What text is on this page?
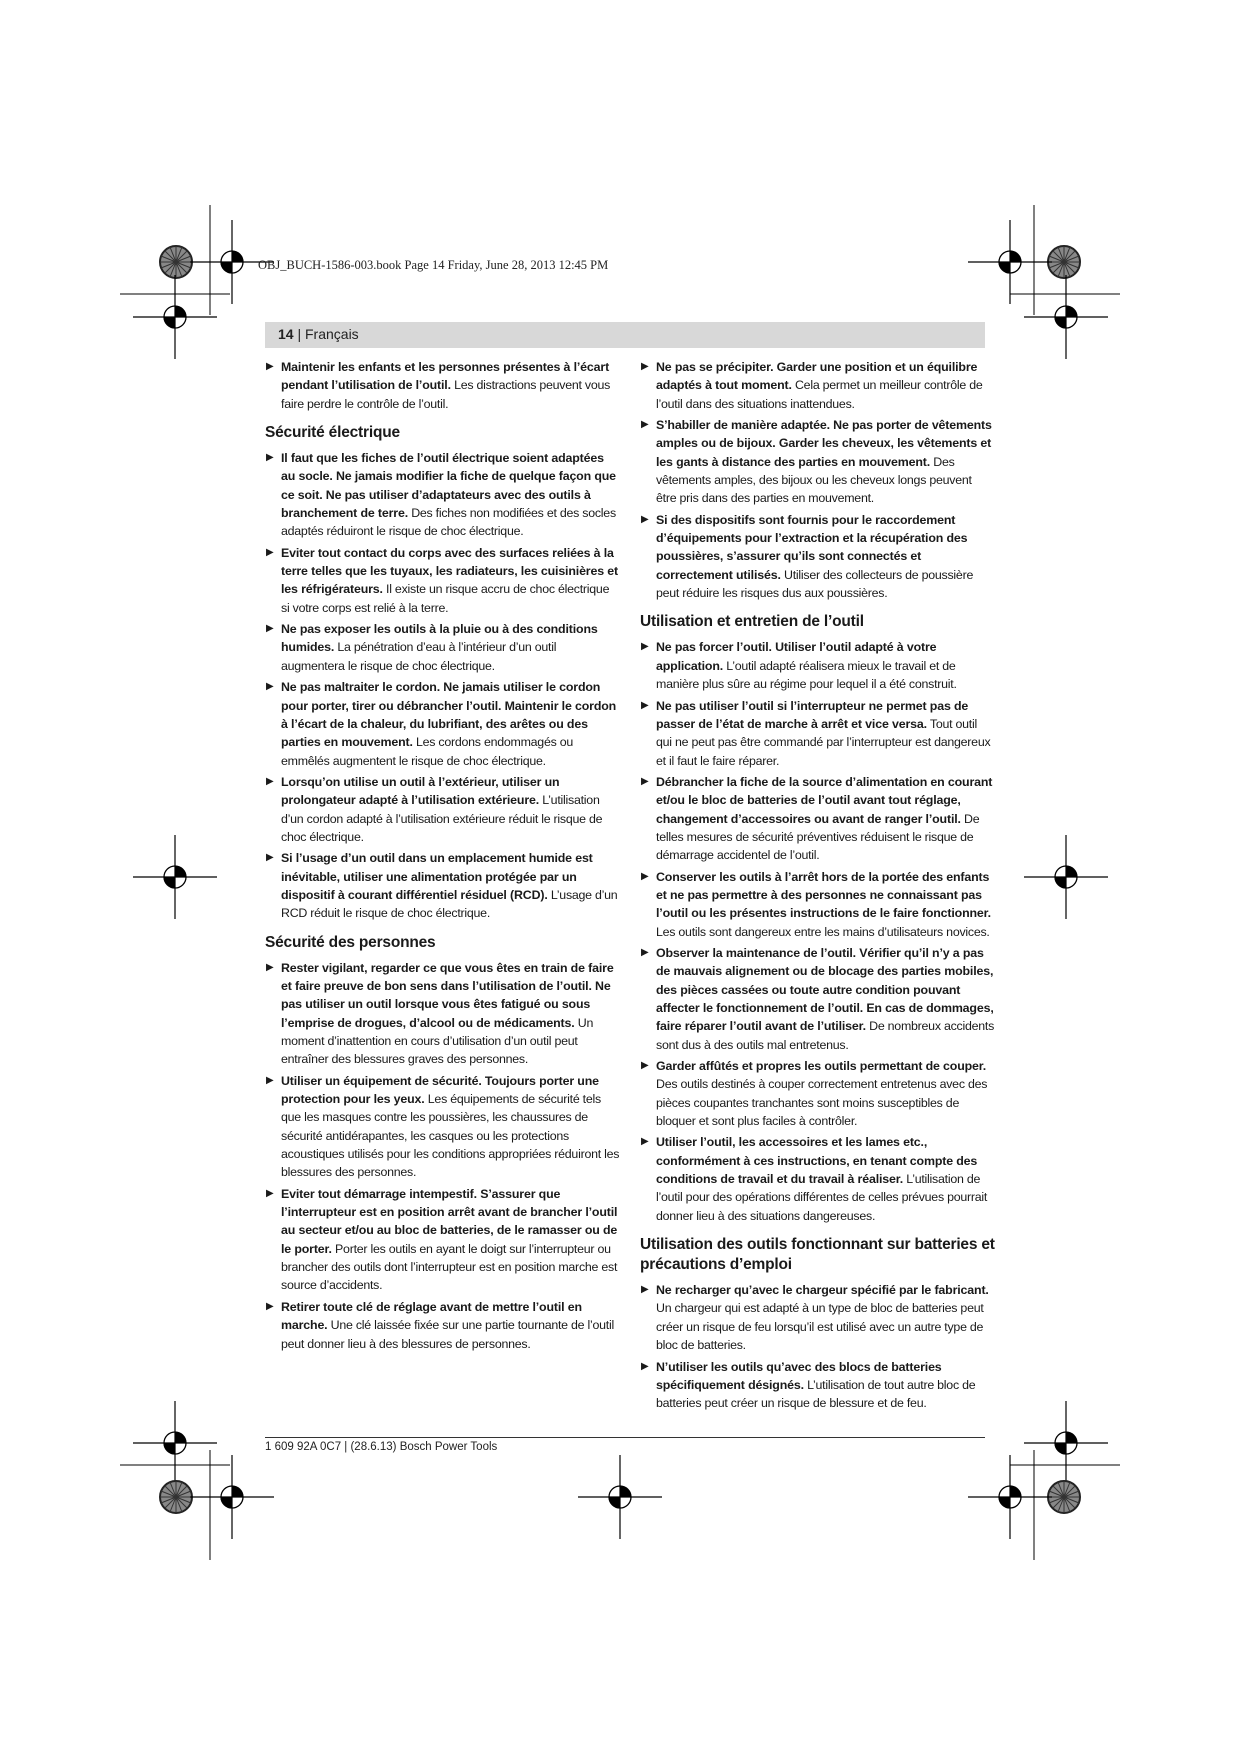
OBJ_BUCH-1586-003.book Page 14 Friday, June 28, 2013 12:45 PM
14 | Français
▶ Maintenir les enfants et les personnes présentes à l’écart pendant l’utilisation de l’outil. Les distractions peuvent vous faire perdre le contrôle de l’outil.
Sécurité électrique
▶ Il faut que les fiches de l’outil électrique soient adaptées au socle. Ne jamais modifier la fiche de quelque façon que ce soit. Ne pas utiliser d’adaptateurs avec des outils à branchement de terre. Des fiches non modifiées et des socles adaptés réduiront le risque de choc électrique.
▶ Eviter tout contact du corps avec des surfaces reliées à la terre telles que les tuyaux, les radiateurs, les cuisinières et les réfrigérateurs. Il existe un risque accru de choc électrique si votre corps est relié à la terre.
▶ Ne pas exposer les outils à la pluie ou à des conditions humides. La pénétration d’eau à l’intérieur d’un outil augmentera le risque de choc électrique.
▶ Ne pas maltraiter le cordon. Ne jamais utiliser le cordon pour porter, tirer ou débrancher l’outil. Maintenir le cordon à l’écart de la chaleur, du lubrifiant, des arêtes ou des parties en mouvement. Les cordons endommagés ou emmêlés augmentent le risque de choc électrique.
▶ Lorsqu’on utilise un outil à l’extérieur, utiliser un prolongateur adapté à l’utilisation extérieure. L’utilisation d’un cordon adapté à l’utilisation extérieure réduit le risque de choc électrique.
▶ Si l’usage d’un outil dans un emplacement humide est inévitable, utiliser une alimentation protégée par un dispositif à courant différentiel résiduel (RCD). L’usage d’un RCD réduit le risque de choc électrique.
Sécurité des personnes
▶ Rester vigilant, regarder ce que vous êtes en train de faire et faire preuve de bon sens dans l’utilisation de l’outil. Ne pas utiliser un outil lorsque vous êtes fatigué ou sous l’emprise de drogues, d’alcool ou de médicaments. Un moment d’inattention en cours d’utilisation d’un outil peut entraîner des blessures graves des personnes.
▶ Utiliser un équipement de sécurité. Toujours porter une protection pour les yeux. Les équipements de sécurité tels que les masques contre les poussières, les chaussures de sécurité antidérapantes, les casques ou les protections acoustiques utilisés pour les conditions appropriées réduiront les blessures des personnes.
▶ Eviter tout démarrage intempestif. S’assurer que l’interrupteur est en position arrêt avant de brancher l’outil au secteur et/ou au bloc de batteries, de le ramasser ou de le porter. Porter les outils en ayant le doigt sur l’interrupteur ou brancher des outils dont l’interrupteur est en position marche est source d’accidents.
▶ Retirer toute clé de réglage avant de mettre l’outil en marche. Une clé laissée fixée sur une partie tournante de l’outil peut donner lieu à des blessures de personnes.
▶ Ne pas se précipiter. Garder une position et un équilibre adaptés à tout moment. Cela permet un meilleur contrôle de l’outil dans des situations inattendues.
▶ S’habiller de manière adaptée. Ne pas porter de vêtements amples ou de bijoux. Garder les cheveux, les vêtements et les gants à distance des parties en mouvement. Des vêtements amples, des bijoux ou les cheveux longs peuvent être pris dans des parties en mouvement.
▶ Si des dispositifs sont fournis pour le raccordement d’équipements pour l’extraction et la récupération des poussières, s’assurer qu’ils sont connectés et correctement utilisés. Utiliser des collecteurs de poussière peut réduire les risques dus aux poussières.
Utilisation et entretien de l’outil
▶ Ne pas forcer l’outil. Utiliser l’outil adapté à votre application. L’outil adapté réalisera mieux le travail et de manière plus sûre au régime pour lequel il a été construit.
▶ Ne pas utiliser l’outil si l’interrupteur ne permet pas de passer de l’état de marche à arrêt et vice versa. Tout outil qui ne peut pas être commandé par l’interrupteur est dangereux et il faut le faire réparer.
▶ Débrancher la fiche de la source d’alimentation en courant et/ou le bloc de batteries de l’outil avant tout réglage, changement d’accessoires ou avant de ranger l’outil. De telles mesures de sécurité préventives réduisent le risque de démarrage accidentel de l’outil.
▶ Conserver les outils à l’arrêt hors de la portée des enfants et ne pas permettre à des personnes ne connaissant pas l’outil ou les présentes instructions de le faire fonctionner. Les outils sont dangereux entre les mains d’utilisateurs novices.
▶ Observer la maintenance de l’outil. Vérifier qu’il n’y a pas de mauvais alignement ou de blocage des parties mobiles, des pièces cassées ou toute autre condition pouvant affecter le fonctionnement de l’outil. En cas de dommages, faire réparer l’outil avant de l’utiliser. De nombreux accidents sont dus à des outils mal entretenus.
▶ Garder affûtés et propres les outils permettant de couper. Des outils destinés à couper correctement entretenus avec des pièces coupantes tranchantes sont moins susceptibles de bloquer et sont plus faciles à contrôler.
▶ Utiliser l’outil, les accessoires et les lames etc., conformément à ces instructions, en tenant compte des conditions de travail et du travail à réaliser. L’utilisation de l’outil pour des opérations différentes de celles prévues pourrait donner lieu à des situations dangereuses.
Utilisation des outils fonctionnant sur batteries et précautions d’emploi
▶ Ne recharger qu’avec le chargeur spécifié par le fabricant. Un chargeur qui est adapté à un type de bloc de batteries peut créer un risque de feu lorsqu’il est utilisé avec un autre type de bloc de batteries.
▶ N’utiliser les outils qu’avec des blocs de batteries spécifiquement désignés. L’utilisation de tout autre bloc de batteries peut créer un risque de blessure et de feu.
1 609 92A 0C7 | (28.6.13) Bosch Power Tools
